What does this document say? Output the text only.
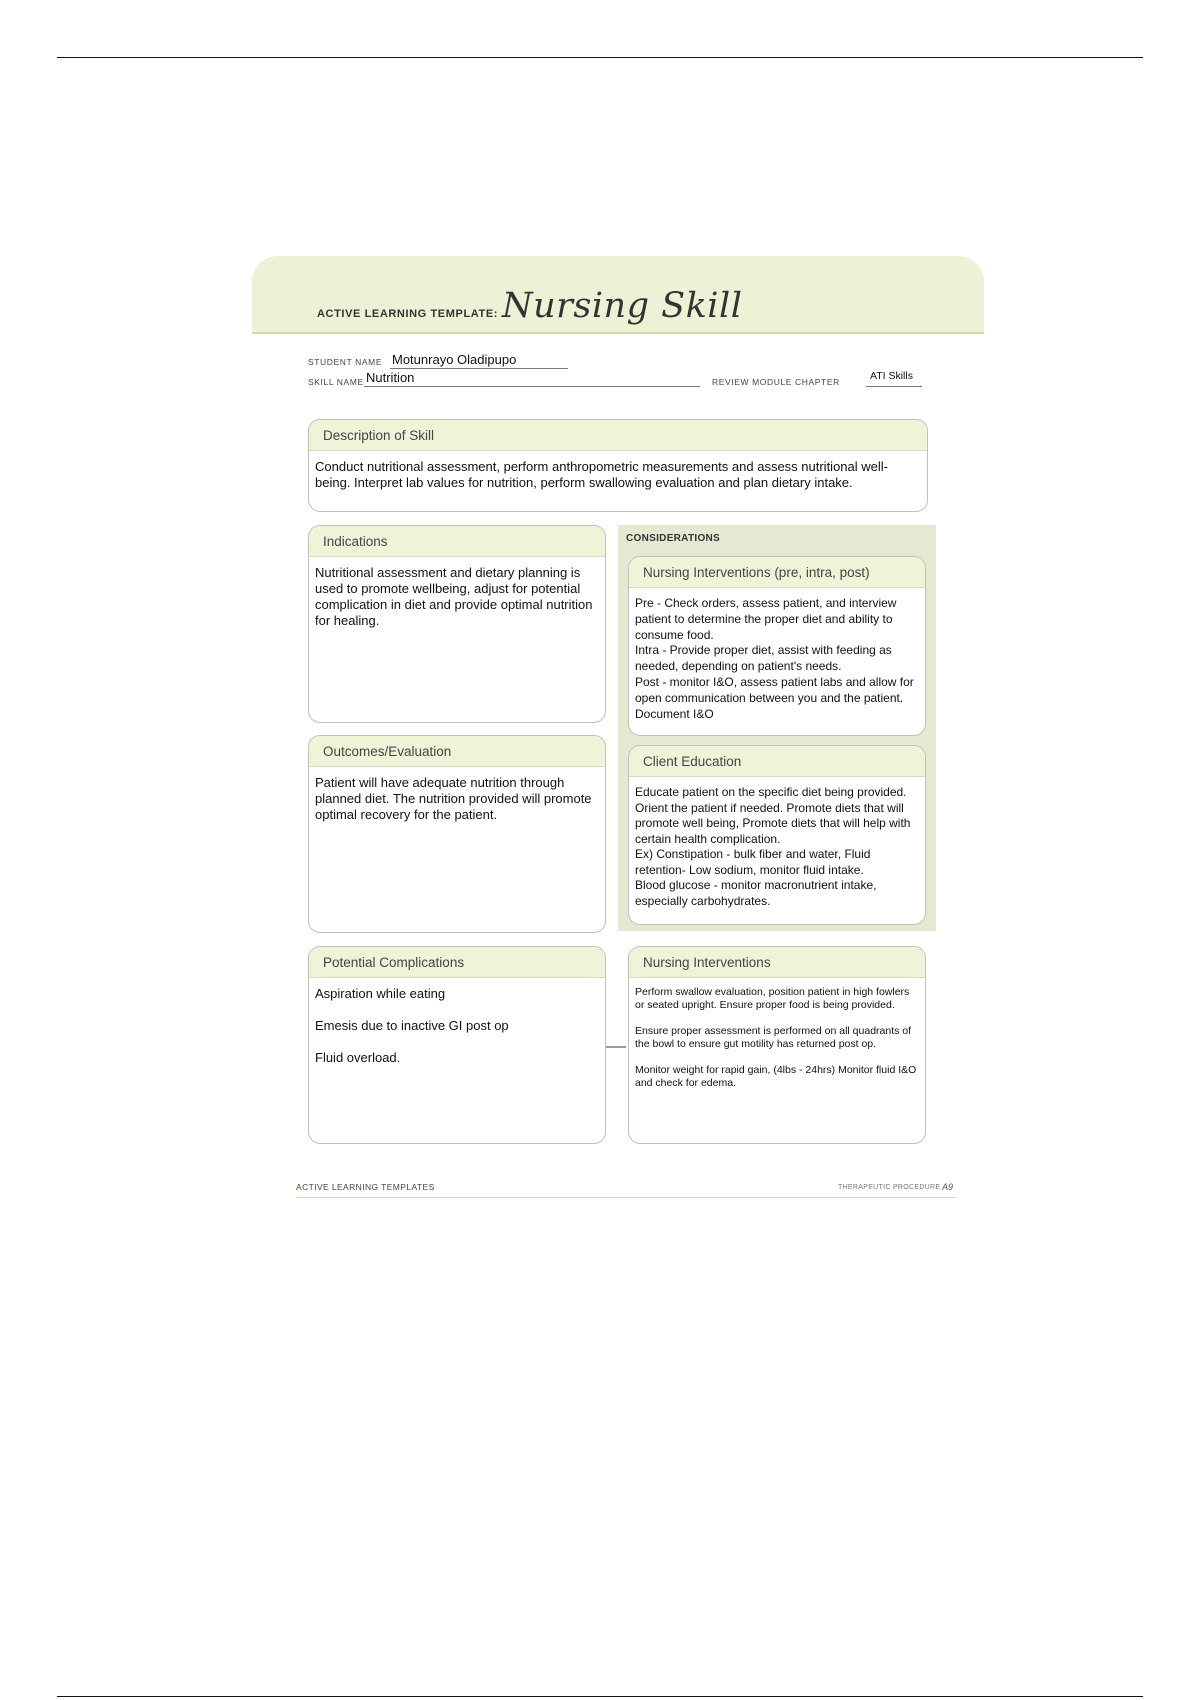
ACTIVE LEARNING TEMPLATE: Nursing Skill
STUDENT NAME Motunrayo Oladipupo
SKILL NAME Nutrition	REVIEW MODULE CHAPTER	ATI Skills
Description of Skill
Conduct nutritional assessment, perform anthropometric measurements and assess nutritional well-being. Interpret lab values for nutrition, perform swallowing evaluation and plan dietary intake.
CONSIDERATIONS
Indications
Nutritional assessment and dietary planning is used to promote wellbeing, adjust for potential complication in diet and provide optimal nutrition for healing.
Outcomes/Evaluation
Patient will have adequate nutrition through planned diet. The nutrition provided will promote optimal recovery for the patient.
Nursing Interventions (pre, intra, post)
Pre - Check orders, assess patient, and interview patient to determine the proper diet and ability to consume food.
Intra - Provide proper diet, assist with feeding as needed, depending on patient's needs.
Post - monitor I&O, assess patient labs and allow for open communication between you and the patient. Document I&O
Client Education
Educate patient on the specific diet being provided. Orient the patient if needed. Promote diets that will promote well being, Promote diets that will help with certain health complication.
Ex) Constipation - bulk fiber and water, Fluid retention- Low sodium, monitor fluid intake.
Blood glucose - monitor macronutrient intake, especially carbohydrates.
Potential Complications
Aspiration while eating

Emesis due to inactive GI post op

Fluid overload.
Nursing Interventions
Perform swallow evaluation, position patient in high fowlers or seated upright. Ensure proper food is being provided.

Ensure proper assessment is performed on all quadrants of the bowl to ensure gut motility has returned post op.

Monitor weight for rapid gain, (4lbs - 24hrs) Monitor fluid I&O and check for edema.
ACTIVE LEARNING TEMPLATES	THERAPEUTIC PROCEDURE A9
